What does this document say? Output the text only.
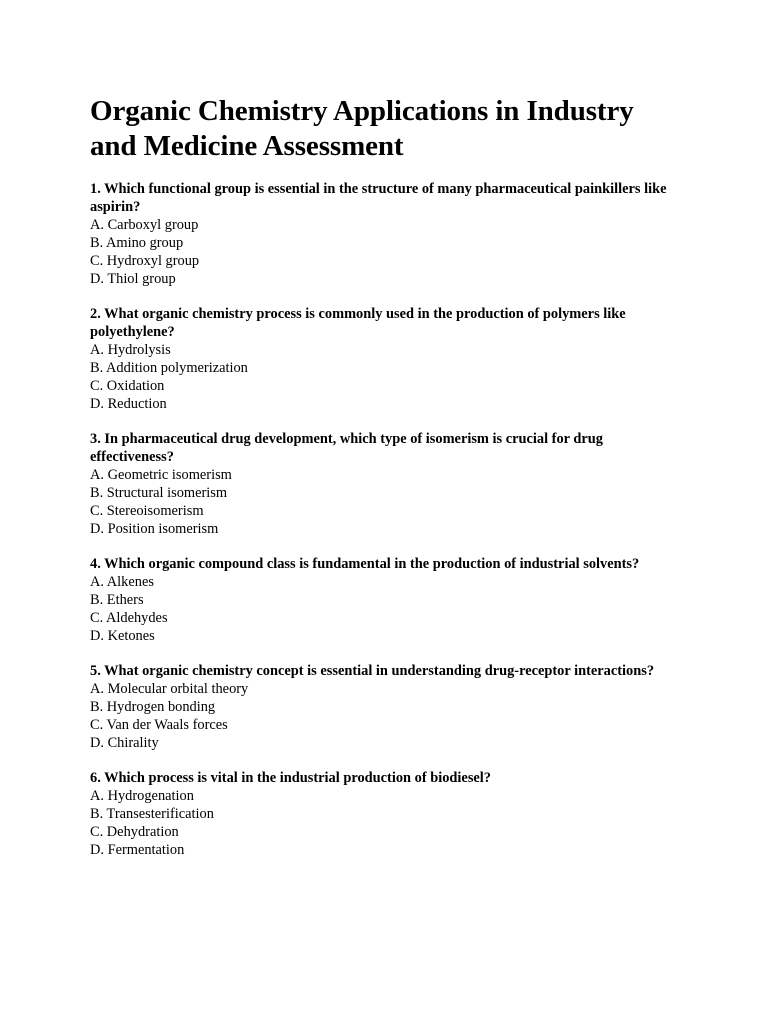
Organic Chemistry Applications in Industry and Medicine Assessment

1. Which functional group is essential in the structure of many pharmaceutical painkillers like aspirin?

A. Carboxyl group
B. Amino group
C. Hydroxyl group
D. Thiol group

2. What organic chemistry process is commonly used in the production of polymers like polyethylene?

A. Hydrolysis
B. Addition polymerization
C. Oxidation
D. Reduction

3. In pharmaceutical drug development, which type of isomerism is crucial for drug effectiveness?

A. Geometric isomerism
B. Structural isomerism
C. Stereoisomerism
D. Position isomerism

4. Which organic compound class is fundamental in the production of industrial solvents?

A. Alkenes
B. Ethers
C. Aldehydes
D. Ketones

5. What organic chemistry concept is essential in understanding drug-receptor interactions?

A. Molecular orbital theory
B. Hydrogen bonding
C. Van der Waals forces
D. Chirality

6. Which process is vital in the industrial production of biodiesel?

A. Hydrogenation
B. Transesterification
C. Dehydration
D. Fermentation
